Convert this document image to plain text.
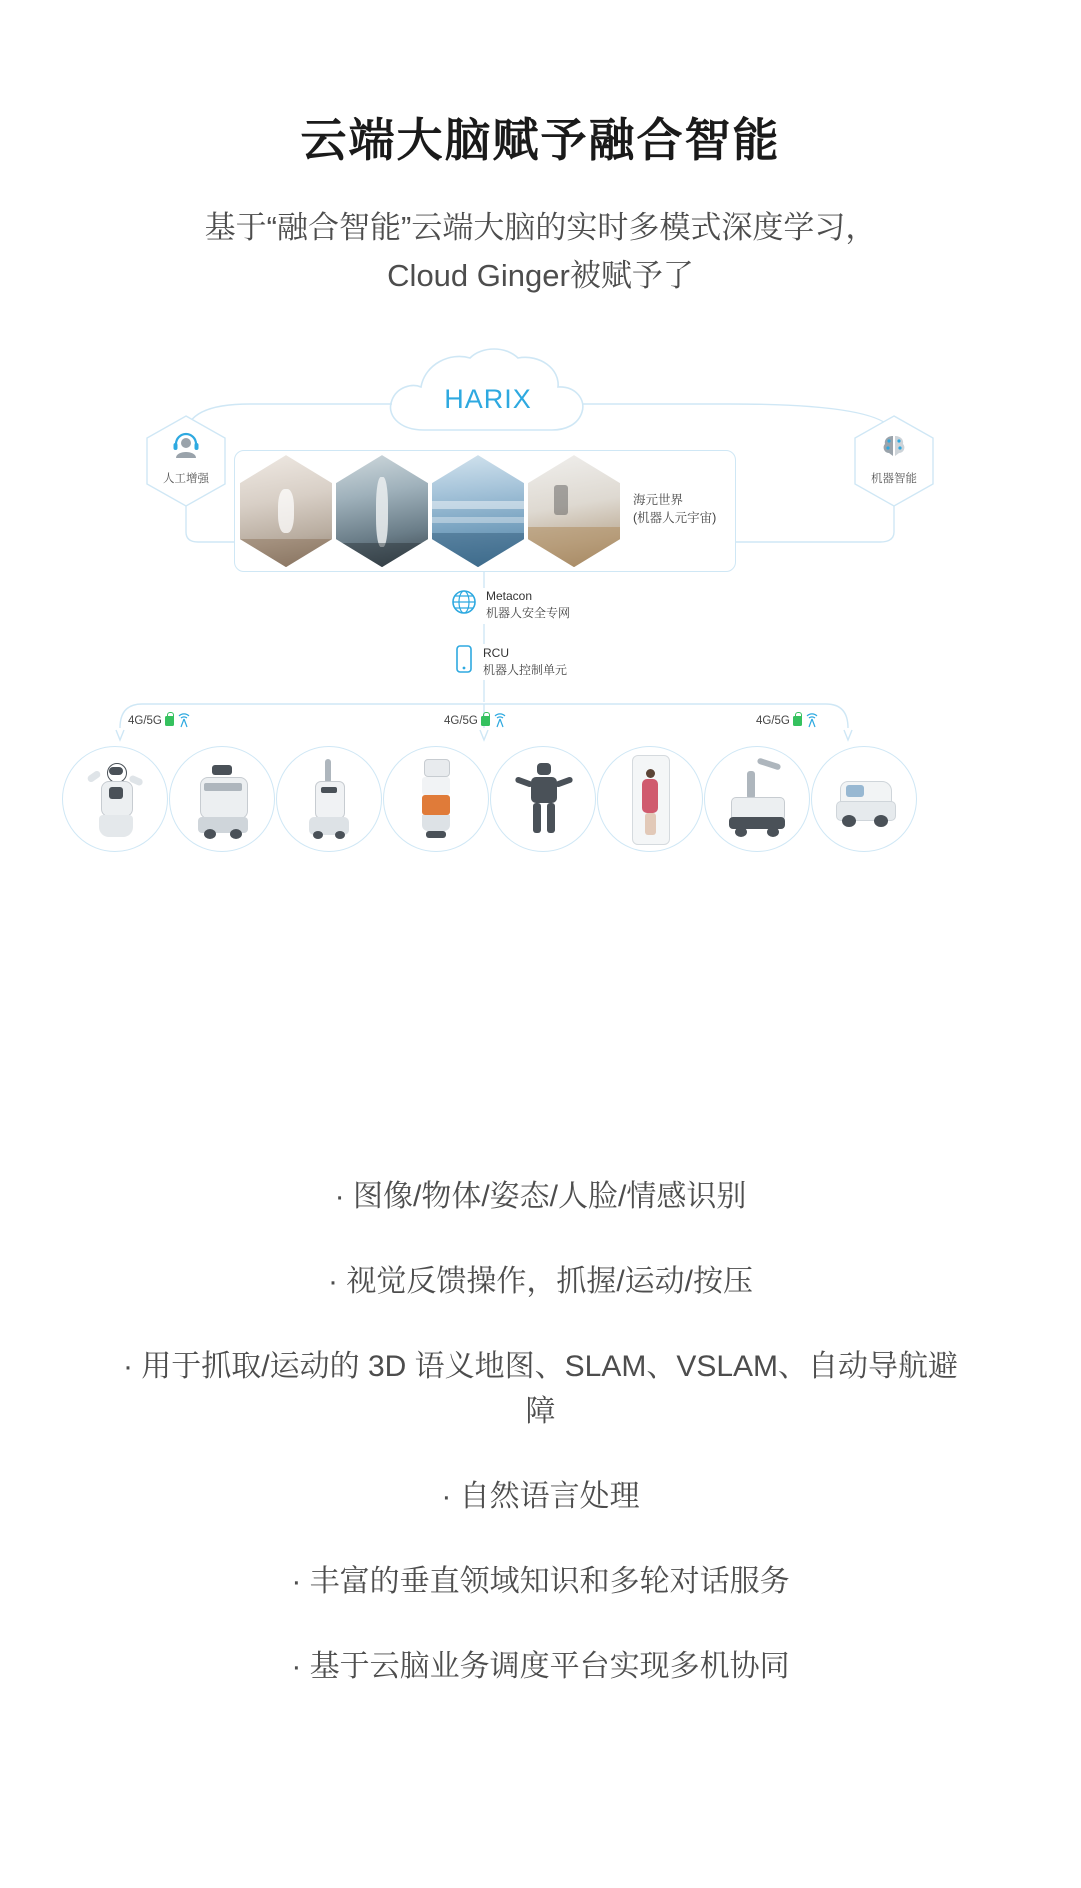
云端大脑赋予融合智能
基于“融合智能”云端大脑的实时多模式深度学习，
Cloud Ginger被赋予了
HARIX
人工增强	机器智能
海元世界
(机器人元宇宙)
Metacon
机器人安全专网
RCU
机器人控制单元
4G/5G	4G/5G	4G/5G
· 图像/物体/姿态/人脸/情感识别
· 视觉反馈操作，抓握/运动/按压
· 用于抓取/运动的 3D 语义地图、SLAM、VSLAM、自动导航避障
· 自然语言处理
· 丰富的垂直领域知识和多轮对话服务
· 基于云脑业务调度平台实现多机协同
